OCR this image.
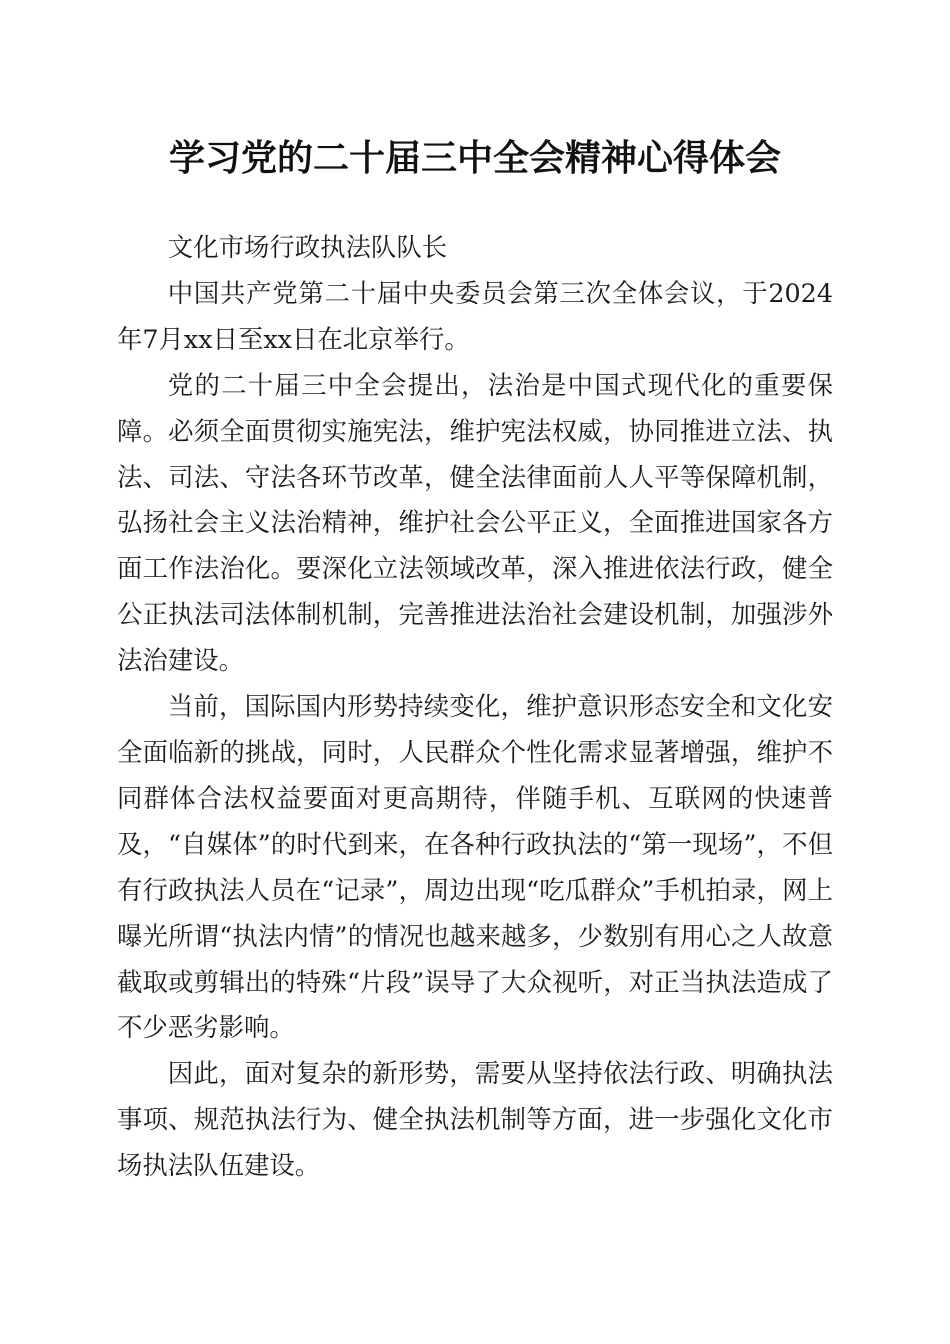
学习党的二十届三中全会精神心得体会

文化市场行政执法队队长

中国共产党第二十届中央委员会第三次全体会议，于2024年7月xx日至xx日在北京举行。

党的二十届三中全会提出，法治是中国式现代化的重要保障。必须全面贯彻实施宪法，维护宪法权威，协同推进立法、执法、司法、守法各环节改革，健全法律面前人人平等保障机制，弘扬社会主义法治精神，维护社会公平正义，全面推进国家各方面工作法治化。要深化立法领域改革，深入推进依法行政，健全公正执法司法体制机制，完善推进法治社会建设机制，加强涉外法治建设。

当前，国际国内形势持续变化，维护意识形态安全和文化安全面临新的挑战，同时，人民群众个性化需求显著增强，维护不同群体合法权益要面对更高期待，伴随手机、互联网的快速普及，“自媒体”的时代到来，在各种行政执法的“第一现场”，不但有行政执法人员在“记录”，周边出现“吃瓜群众”手机拍录，网上曝光所谓“执法内情”的情况也越来越多，少数别有用心之人故意截取或剪辑出的特殊“片段”误导了大众视听，对正当执法造成了不少恶劣影响。

因此，面对复杂的新形势，需要从坚持依法行政、明确执法事项、规范执法行为、健全执法机制等方面，进一步强化文化市场执法队伍建设。
